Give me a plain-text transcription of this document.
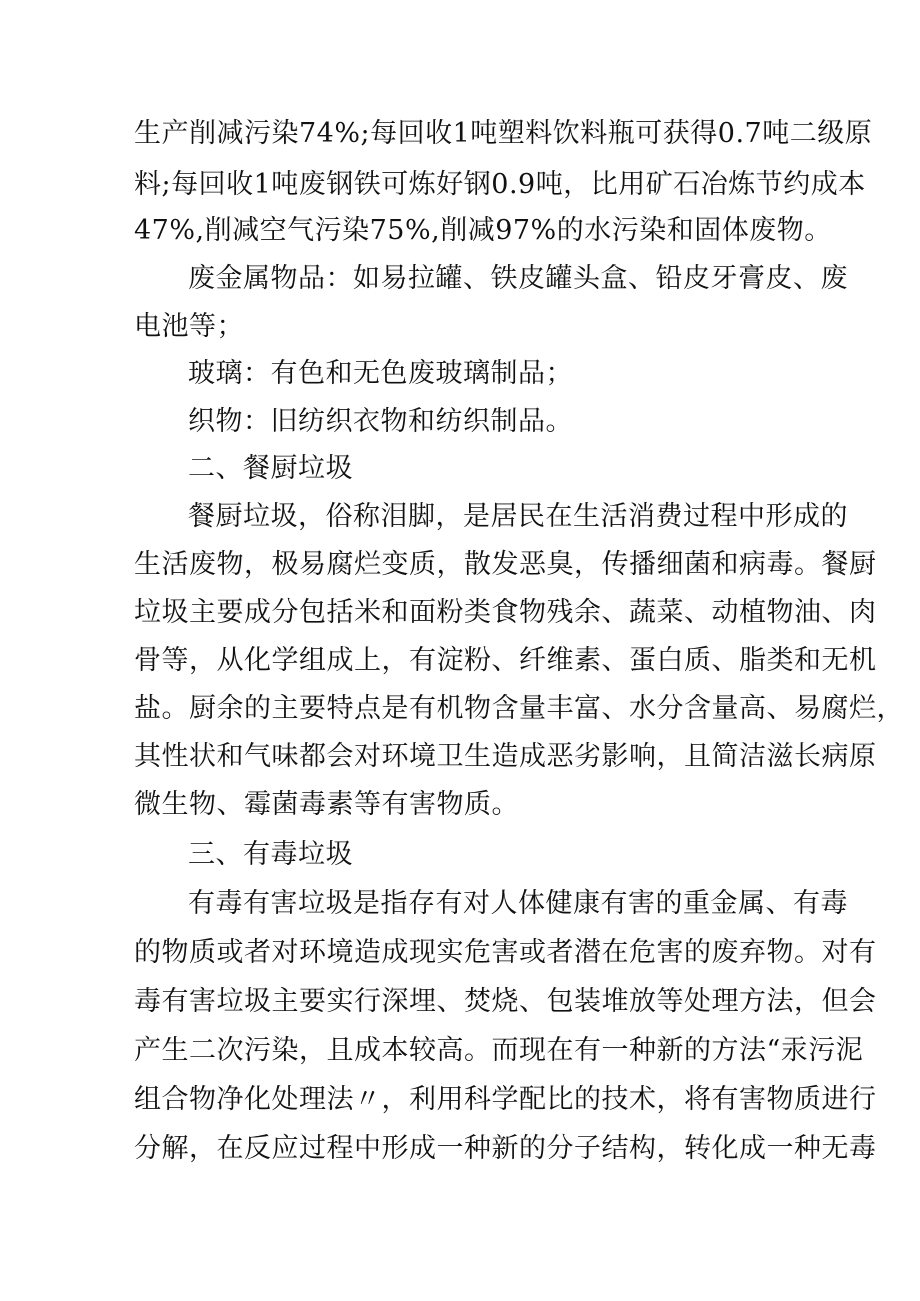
生产削减污染74%;每回收1吨塑料饮料瓶可获得0.7吨二级原
料;每回收1吨废钢铁可炼好钢0.9吨，比用矿石冶炼节约成本
47%,削减空气污染75%,削减97%的水污染和固体废物。
废金属物品：如易拉罐、铁皮罐头盒、铅皮牙膏皮、废
电池等；
玻璃：有色和无色废玻璃制品；
织物：旧纺织衣物和纺织制品。
二、餐厨垃圾
餐厨垃圾，俗称泪脚，是居民在生活消费过程中形成的
生活废物，极易腐烂变质，散发恶臭，传播细菌和病毒。餐厨
垃圾主要成分包括米和面粉类食物残余、蔬菜、动植物油、肉
骨等，从化学组成上，有淀粉、纤维素、蛋白质、脂类和无机
盐。厨余的主要特点是有机物含量丰富、水分含量高、易腐烂，
其性状和气味都会对环境卫生造成恶劣影响，且简洁滋长病原
微生物、霉菌毒素等有害物质。
三、有毒垃圾
有毒有害垃圾是指存有对人体健康有害的重金属、有毒
的物质或者对环境造成现实危害或者潜在危害的废弃物。对有
毒有害垃圾主要实行深埋、焚烧、包装堆放等处理方法，但会
产生二次污染，且成本较高。而现在有一种新的方法“汞污泥
组合物净化处理法〃，利用科学配比的技术，将有害物质进行
分解，在反应过程中形成一种新的分子结构，转化成一种无毒
